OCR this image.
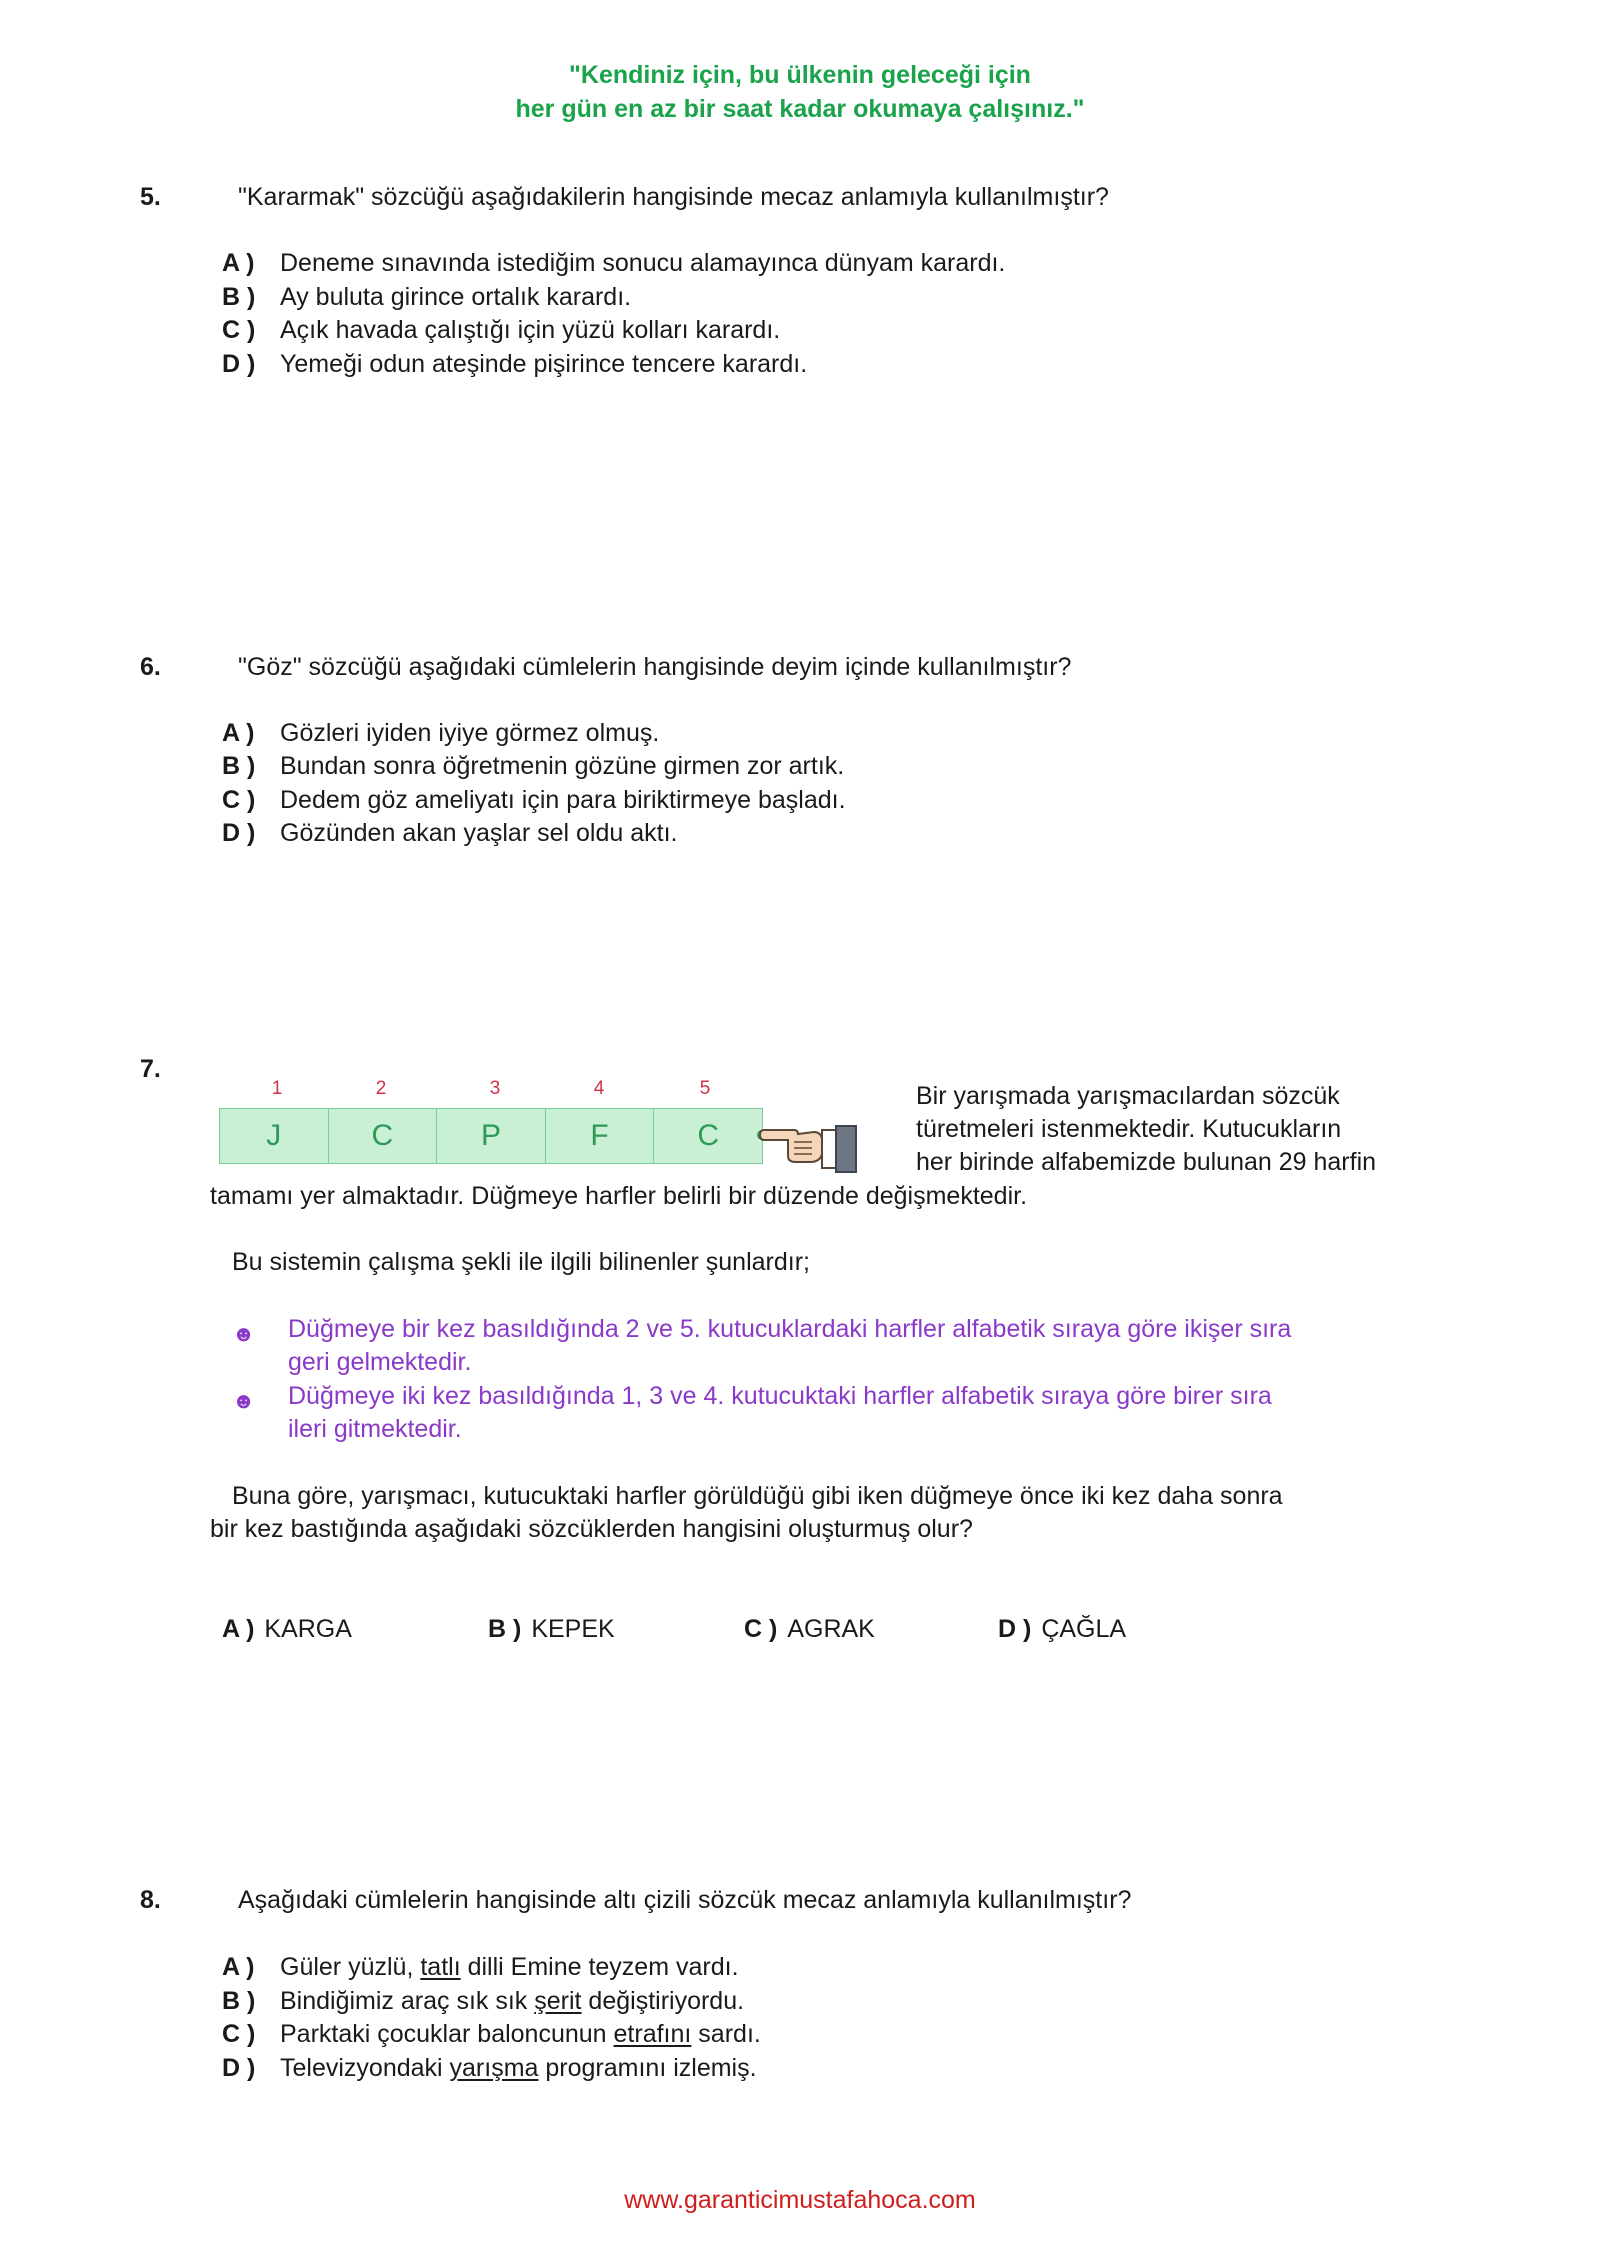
"Kendiniz için, bu ülkenin geleceği için
her gün en az bir saat kadar okumaya çalışınız."
5.	"Kararmak" sözcüğü aşağıdakilerin hangisinde mecaz anlamıyla kullanılmıştır?
A ) Deneme sınavında istediğim sonucu alamayınca dünyam karardı.
B ) Ay buluta girince ortalık karardı.
C ) Açık havada çalıştığı için yüzü kolları karardı.
D ) Yemeği odun ateşinde pişirince tencere karardı.
6.	"Göz" sözcüğü aşağıdaki cümlelerin hangisinde deyim içinde kullanılmıştır?
A ) Gözleri iyiden iyiye görmez olmuş.
B ) Bundan sonra öğretmenin gözüne girmen zor artık.
C ) Dedem göz ameliyatı için para biriktirmeye başladı.
D ) Gözünden akan yaşlar sel oldu aktı.
7.
1	2	3	4	5
J	C	P	F	C
Bir yarışmada yarışmacılardan sözcük
türetmeleri istenmektedir. Kutucukların
her birinde alfabemizde bulunan 29 harfin
tamamı yer almaktadır. Düğmeye harfler belirli bir düzende değişmektedir.
Bu sistemin çalışma şekli ile ilgili bilinenler şunlardır;
☻ Düğmeye bir kez basıldığında 2 ve 5. kutucuklardaki harfler alfabetik sıraya göre ikişer sıra
geri gelmektedir.
☻ Düğmeye iki kez basıldığında 1, 3 ve 4. kutucuktaki harfler alfabetik sıraya göre birer sıra
ileri gitmektedir.
Buna göre, yarışmacı, kutucuktaki harfler görüldüğü gibi iken düğmeye önce iki kez daha sonra
bir kez bastığında aşağıdaki sözcüklerden hangisini oluşturmuş olur?
A ) KARGA	B ) KEPEK	C ) AGRAK	D ) ÇAĞLA
8.	Aşağıdaki cümlelerin hangisinde altı çizili sözcük mecaz anlamıyla kullanılmıştır?
A ) Güler yüzlü, tatlı dilli Emine teyzem vardı.
B ) Bindiğimiz araç sık sık şerit değiştiriyordu.
C ) Parktaki çocuklar baloncunun etrafını sardı.
D ) Televizyondaki yarışma programını izlemiş.
www.garanticimustafahoca.com
